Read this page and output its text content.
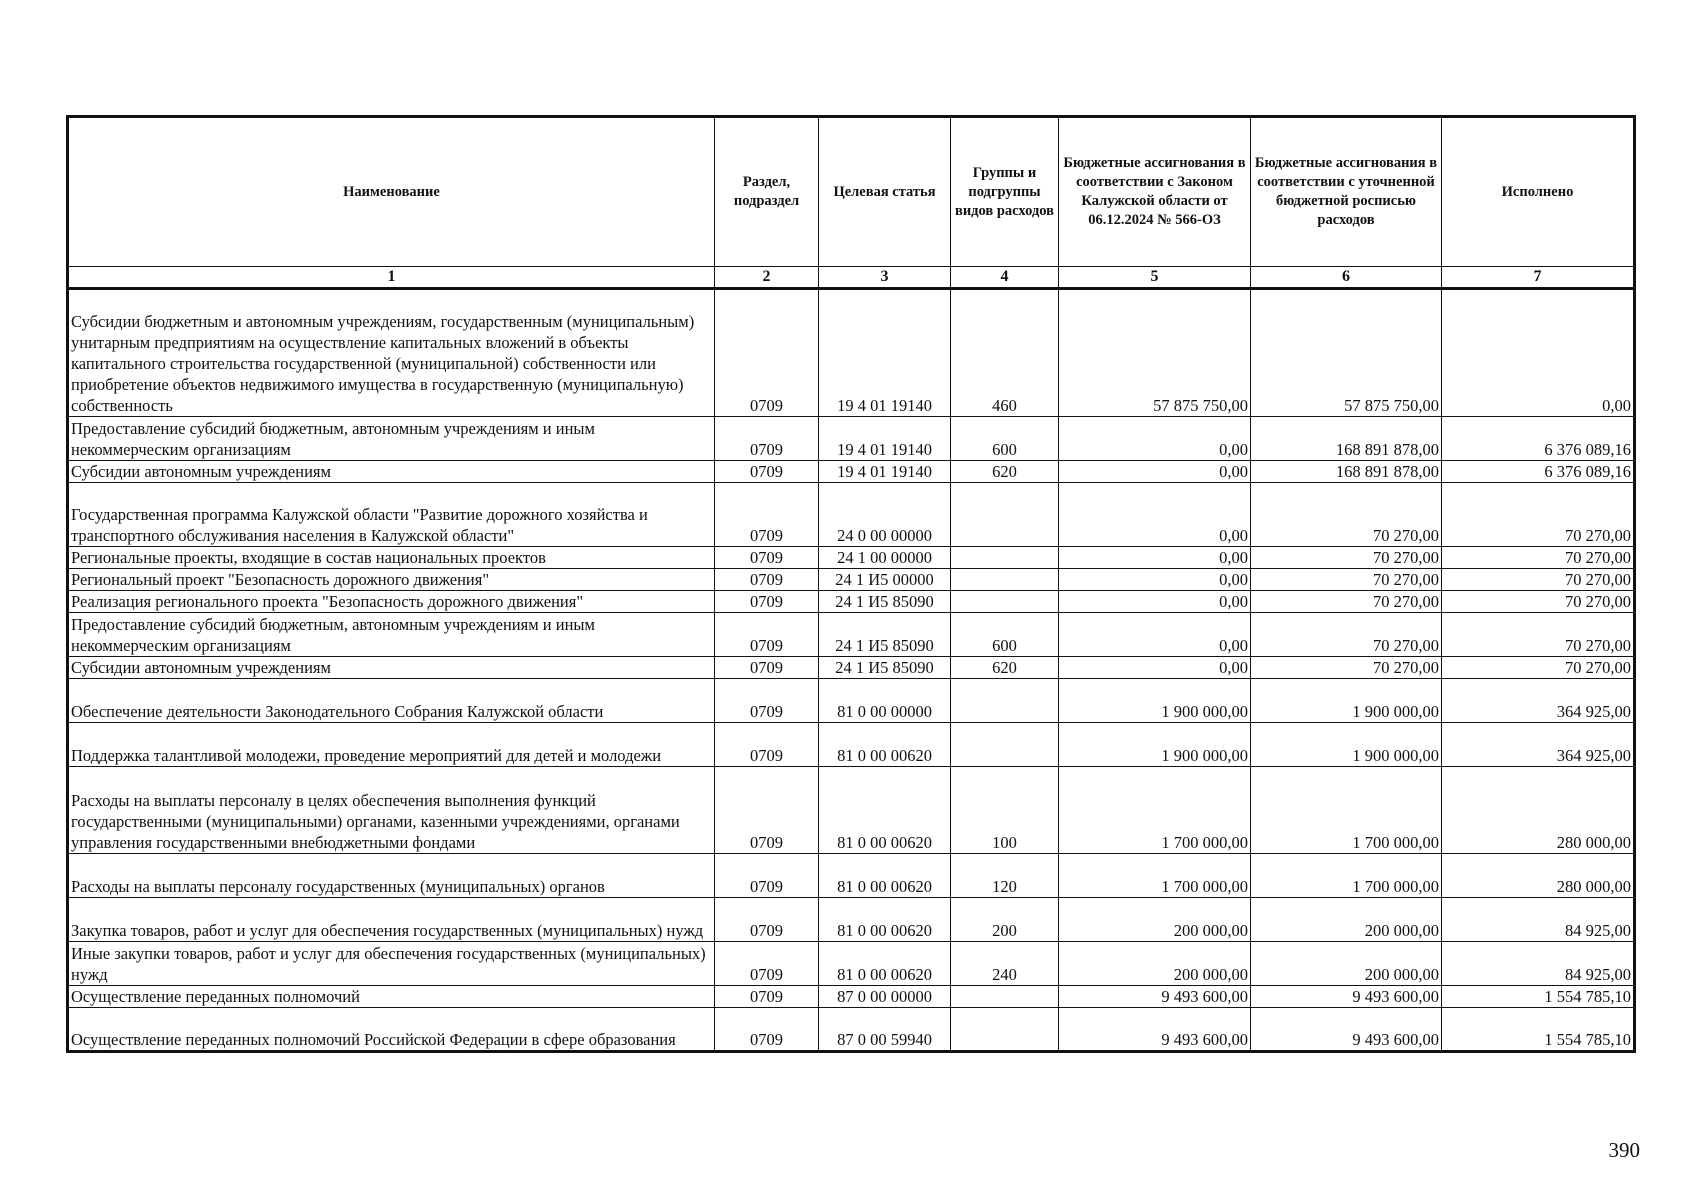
Наименование	Раздел, подраздел	Целевая статья	Группы и подгруппы видов расходов	Бюджетные ассигнования в соответствии с Законом Калужской области от 06.12.2024 № 566-ОЗ	Бюджетные ассигнования в соответствии с уточненной бюджетной росписью расходов	Исполнено
1	2	3	4	5	6	7
Субсидии бюджетным и автономным учреждениям, государственным (муниципальным) унитарным предприятиям на осуществление капитальных вложений в объекты капитального строительства государственной (муниципальной) собственности или приобретение объектов недвижимого имущества в государственную (муниципальную) собственность	0709	19 4 01 19140	460	57 875 750,00	57 875 750,00	0,00
Предоставление субсидий бюджетным, автономным учреждениям и иным некоммерческим организациям	0709	19 4 01 19140	600	0,00	168 891 878,00	6 376 089,16
Субсидии автономным учреждениям	0709	19 4 01 19140	620	0,00	168 891 878,00	6 376 089,16
Государственная программа Калужской области "Развитие дорожного хозяйства и транспортного обслуживания населения в Калужской области"	0709	24 0 00 00000		0,00	70 270,00	70 270,00
Региональные проекты, входящие в состав национальных проектов	0709	24 1 00 00000		0,00	70 270,00	70 270,00
Региональный проект "Безопасность дорожного движения"	0709	24 1 И5 00000		0,00	70 270,00	70 270,00
Реализация регионального проекта "Безопасность дорожного движения"	0709	24 1 И5 85090		0,00	70 270,00	70 270,00
Предоставление субсидий бюджетным, автономным учреждениям и иным некоммерческим организациям	0709	24 1 И5 85090	600	0,00	70 270,00	70 270,00
Субсидии автономным учреждениям	0709	24 1 И5 85090	620	0,00	70 270,00	70 270,00
Обеспечение деятельности Законодательного Собрания Калужской области	0709	81 0 00 00000		1 900 000,00	1 900 000,00	364 925,00
Поддержка талантливой молодежи, проведение мероприятий для детей и молодежи	0709	81 0 00 00620		1 900 000,00	1 900 000,00	364 925,00
Расходы на выплаты персоналу в целях обеспечения выполнения функций государственными (муниципальными) органами, казенными учреждениями, органами управления государственными внебюджетными фондами	0709	81 0 00 00620	100	1 700 000,00	1 700 000,00	280 000,00
Расходы на выплаты персоналу государственных (муниципальных) органов	0709	81 0 00 00620	120	1 700 000,00	1 700 000,00	280 000,00
Закупка товаров, работ и услуг для обеспечения государственных (муниципальных) нужд	0709	81 0 00 00620	200	200 000,00	200 000,00	84 925,00
Иные закупки товаров, работ и услуг для обеспечения государственных (муниципальных) нужд	0709	81 0 00 00620	240	200 000,00	200 000,00	84 925,00
Осуществление переданных полномочий	0709	87 0 00 00000		9 493 600,00	9 493 600,00	1 554 785,10
Осуществление переданных полномочий Российской Федерации в сфере образования	0709	87 0 00 59940		9 493 600,00	9 493 600,00	1 554 785,10
390
